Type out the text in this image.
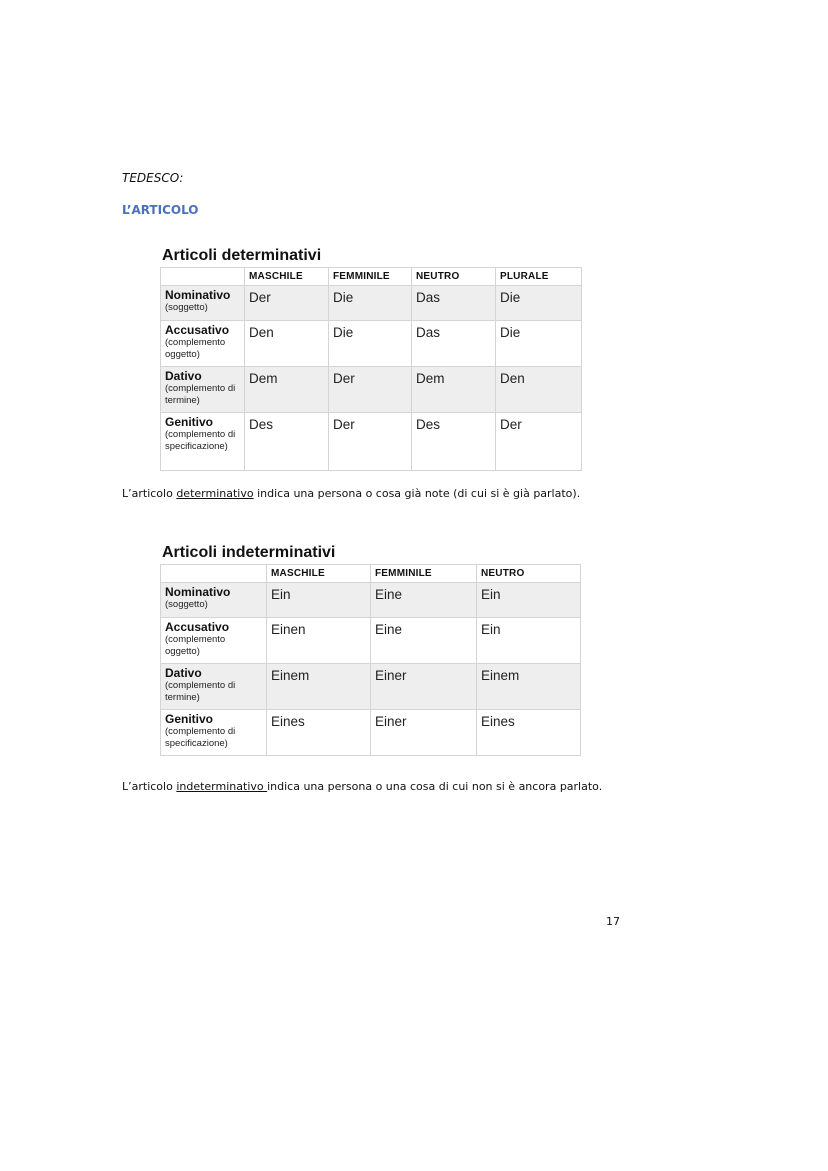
TEDESCO:

L’ARTICOLO

Articoli determinativi

	MASCHILE	FEMMINILE	NEUTRO	PLURALE

Nominativo
(soggetto)	Der	Die	Das	Die

Accusativo
(complemento oggetto)	Den	Die	Das	Die

Dativo
(complemento di termine)	Dem	Der	Dem	Den

Genitivo
(complemento di specificazione)	Des	Der	Des	Der

L’articolo determinativo indica una persona o cosa già note (di cui si è già parlato).

Articoli indeterminativi

	MASCHILE	FEMMINILE	NEUTRO

Nominativo
(soggetto)	Ein	Eine	Ein

Accusativo
(complemento oggetto)	Einen	Eine	Ein

Dativo
(complemento di termine)	Einem	Einer	Einem

Genitivo
(complemento di specificazione)	Eines	Einer	Eines

L’articolo indeterminativo indica una persona o una cosa di cui non si è ancora parlato.

17
